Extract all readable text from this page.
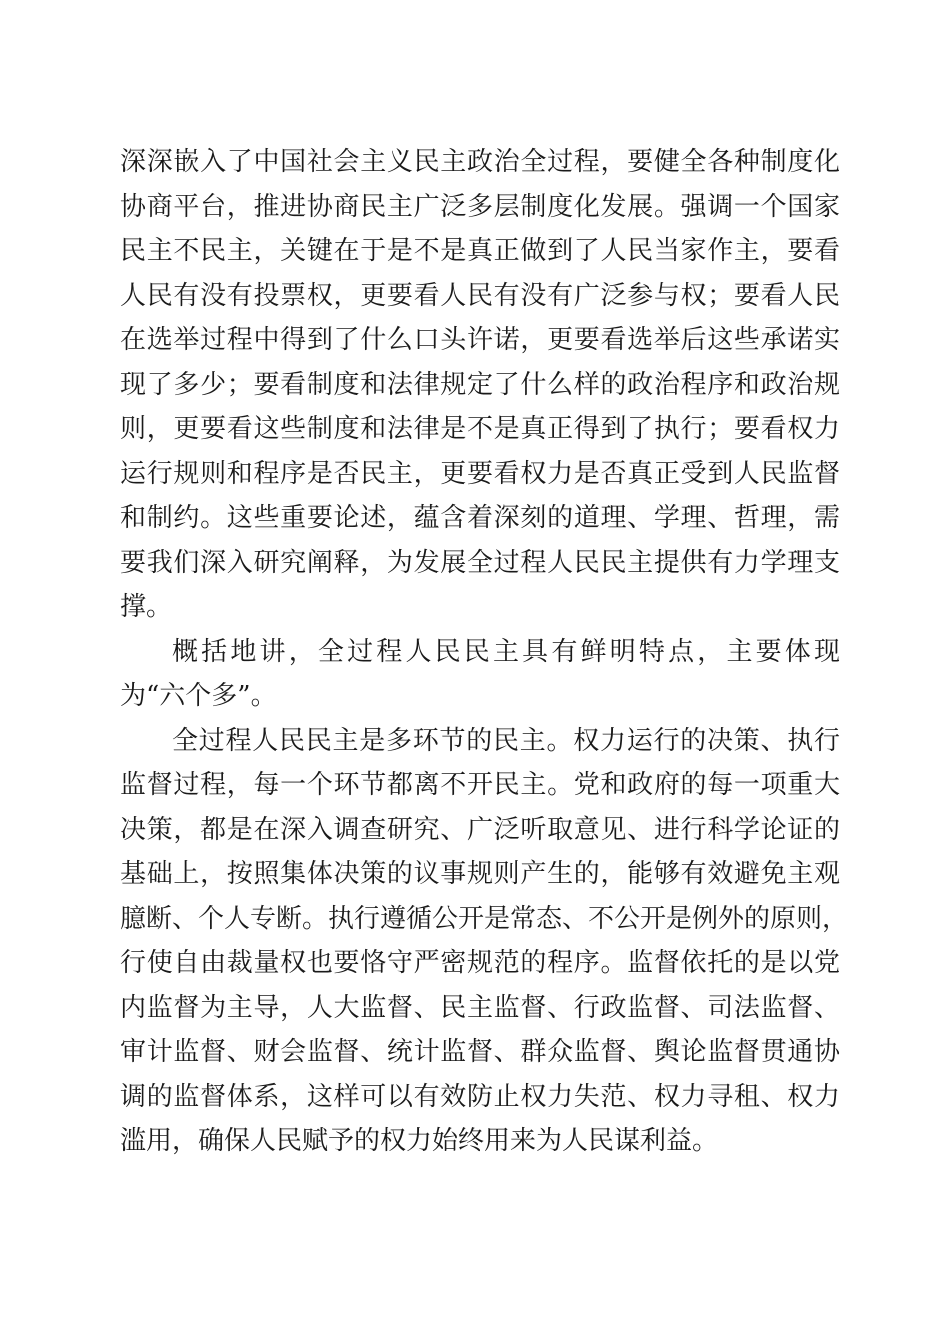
深深嵌入了中国社会主义民主政治全过程，要健全各种制度化
协商平台，推进协商民主广泛多层制度化发展。强调一个国家
民主不民主，关键在于是不是真正做到了人民当家作主，要看
人民有没有投票权，更要看人民有没有广泛参与权；要看人民
在选举过程中得到了什么口头许诺，更要看选举后这些承诺实
现了多少；要看制度和法律规定了什么样的政治程序和政治规
则，更要看这些制度和法律是不是真正得到了执行；要看权力
运行规则和程序是否民主，更要看权力是否真正受到人民监督
和制约。这些重要论述，蕴含着深刻的道理、学理、哲理，需
要我们深入研究阐释，为发展全过程人民民主提供有力学理支
撑。
概括地讲，全过程人民民主具有鲜明特点，主要体现
为“六个多”。
全过程人民民主是多环节的民主。权力运行的决策、执行
监督过程，每一个环节都离不开民主。党和政府的每一项重大
决策，都是在深入调查研究、广泛听取意见、进行科学论证的
基础上，按照集体决策的议事规则产生的，能够有效避免主观
臆断、个人专断。执行遵循公开是常态、不公开是例外的原则，
行使自由裁量权也要恪守严密规范的程序。监督依托的是以党
内监督为主导，人大监督、民主监督、行政监督、司法监督、
审计监督、财会监督、统计监督、群众监督、舆论监督贯通协
调的监督体系，这样可以有效防止权力失范、权力寻租、权力
滥用，确保人民赋予的权力始终用来为人民谋利益。
